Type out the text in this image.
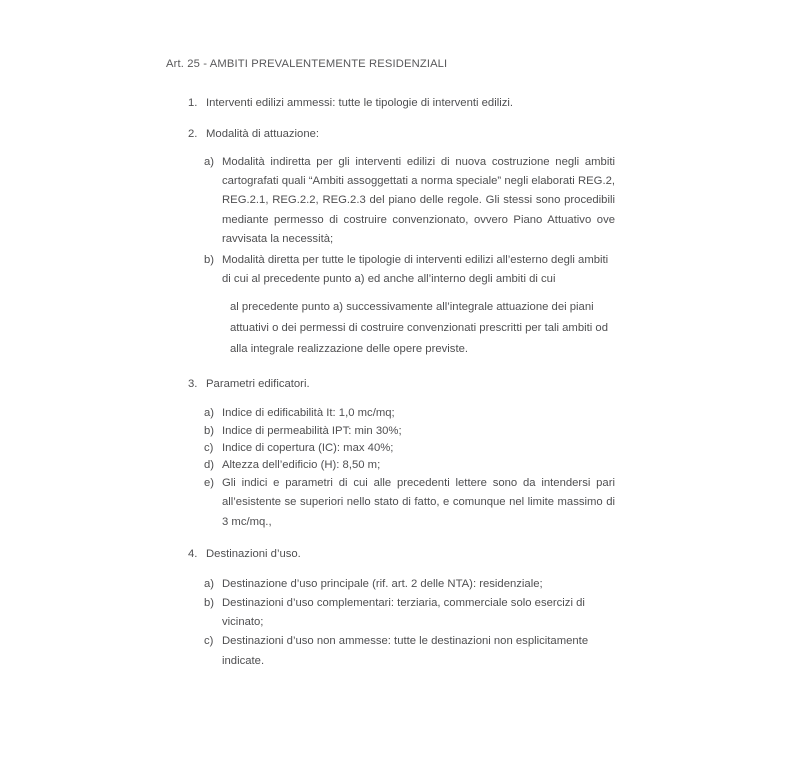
Art. 25 - AMBITI PREVALENTEMENTE RESIDENZIALI
1. Interventi edilizi ammessi: tutte le tipologie di interventi edilizi.
2. Modalità di attuazione:
a) Modalità indiretta per gli interventi edilizi di nuova costruzione negli ambiti cartografati quali “Ambiti assoggettati a norma speciale” negli elaborati REG.2, REG.2.1, REG.2.2, REG.2.3 del piano delle regole. Gli stessi sono procedibili mediante permesso di costruire convenzionato, ovvero Piano Attuativo ove ravvisata la necessità;
b) Modalità diretta per tutte le tipologie di interventi edilizi all’esterno degli ambiti di cui al precedente punto a) ed anche all’interno degli ambiti di cui
al precedente punto a) successivamente all’integrale attuazione dei piani attuativi o dei permessi di costruire convenzionati prescritti per tali ambiti od alla integrale realizzazione delle opere previste.
3. Parametri edificatori.
a) Indice di edificabilità It: 1,0 mc/mq;
b) Indice di permeabilità IPT: min 30%;
c) Indice di copertura (IC): max 40%;
d) Altezza dell’edificio (H): 8,50 m;
e) Gli indici e parametri di cui alle precedenti lettere sono da intendersi pari all’esistente se superiori nello stato di fatto, e comunque nel limite massimo di 3 mc/mq.,
4. Destinazioni d’uso.
a) Destinazione d’uso principale (rif. art. 2 delle NTA): residenziale;
b) Destinazioni d’uso complementari: terziaria, commerciale solo esercizi di vicinato;
c) Destinazioni d’uso non ammesse: tutte le destinazioni non esplicitamente indicate.
